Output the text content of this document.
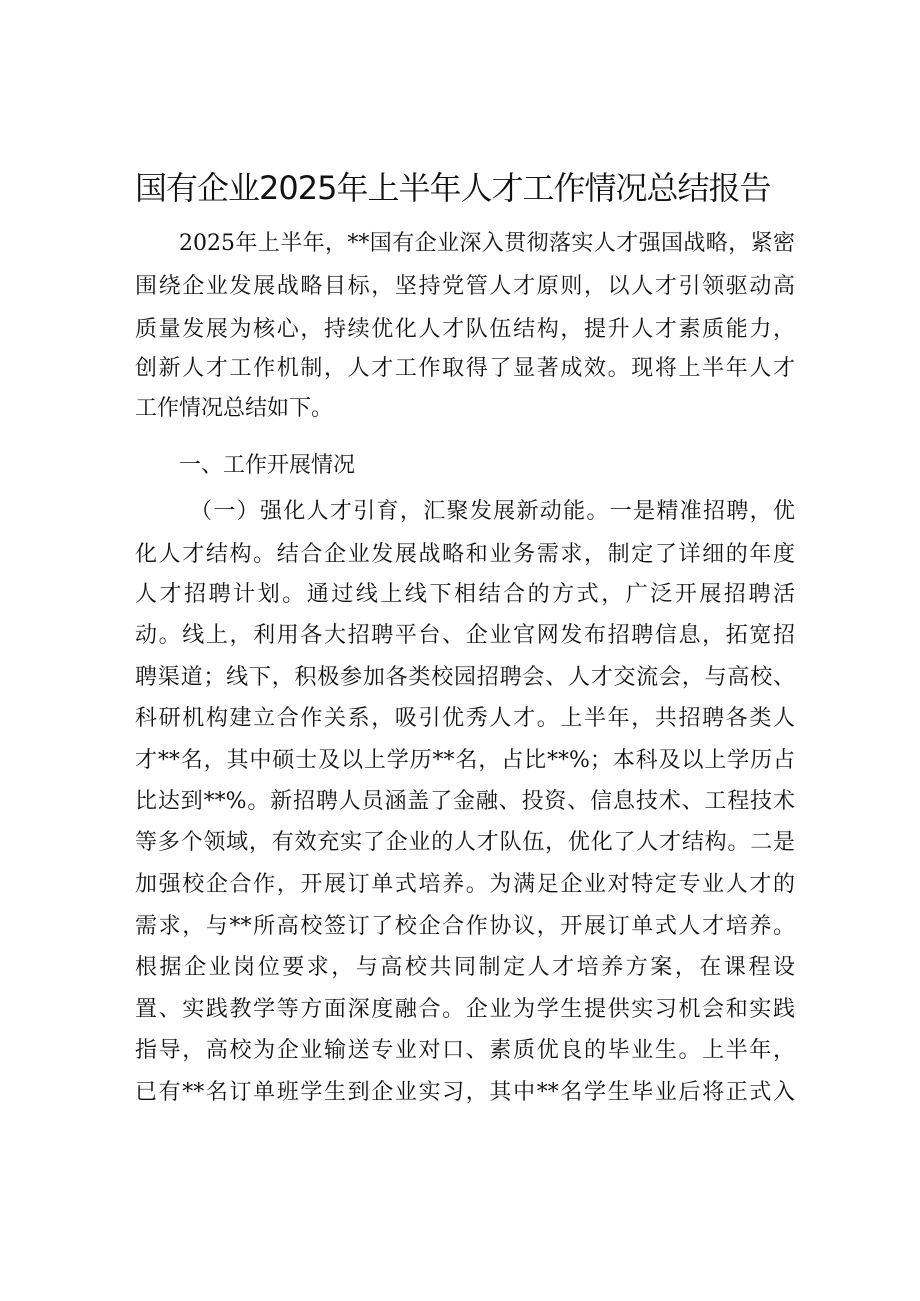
国有企业2025年上半年人才工作情况总结报告

2025年上半年，**国有企业深入贯彻落实人才强国战略，紧密

围绕企业发展战略目标，坚持党管人才原则，以人才引领驱动高

质量发展为核心，持续优化人才队伍结构，提升人才素质能力，

创新人才工作机制，人才工作取得了显著成效。现将上半年人才

工作情况总结如下。

一、工作开展情况

（一）强化人才引育，汇聚发展新动能。一是精准招聘，优

化人才结构。结合企业发展战略和业务需求，制定了详细的年度

人才招聘计划。通过线上线下相结合的方式，广泛开展招聘活

动。线上，利用各大招聘平台、企业官网发布招聘信息，拓宽招

聘渠道；线下，积极参加各类校园招聘会、人才交流会，与高校、

科研机构建立合作关系，吸引优秀人才。上半年，共招聘各类人

才**名，其中硕士及以上学历**名，占比**%；本科及以上学历占

比达到**%。新招聘人员涵盖了金融、投资、信息技术、工程技术

等多个领域，有效充实了企业的人才队伍，优化了人才结构。二是

加强校企合作，开展订单式培养。为满足企业对特定专业人才的

需求，与**所高校签订了校企合作协议，开展订单式人才培养。

根据企业岗位要求，与高校共同制定人才培养方案，在课程设

置、实践教学等方面深度融合。企业为学生提供实习机会和实践

指导，高校为企业输送专业对口、素质优良的毕业生。上半年，

已有**名订单班学生到企业实习，其中**名学生毕业后将正式入
